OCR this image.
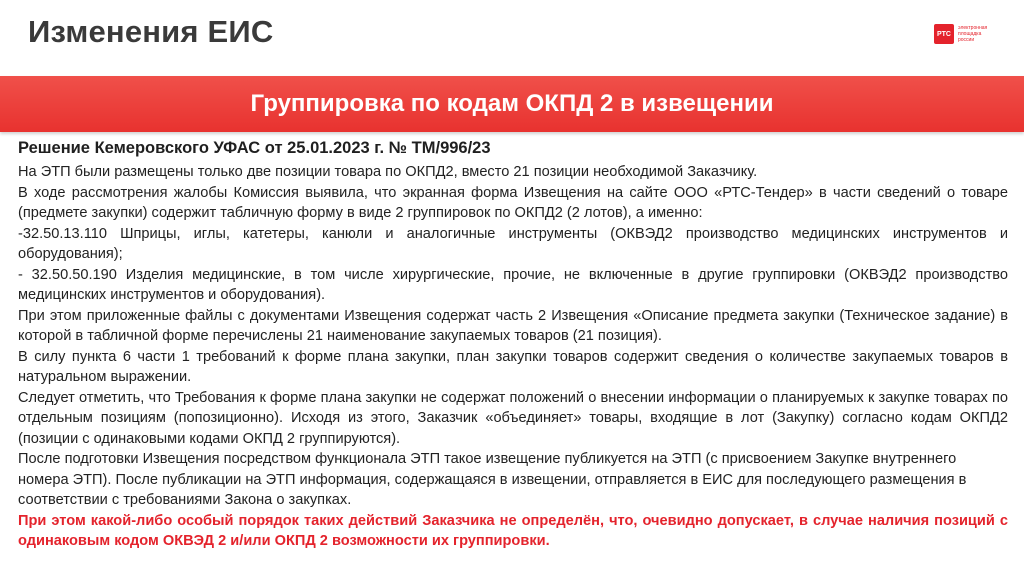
Изменения ЕИС	РТС
электронная
площадка
россии
Группировка по кодам ОКПД 2 в извещении

Решение Кемеровского УФАС от 25.01.2023 г. № ТМ/996/23

На ЭТП были размещены только две позиции товара по ОКПД2, вместо 21 позиции необходимой Заказчику.

В ходе рассмотрения жалобы Комиссия выявила, что экранная форма Извещения на сайте ООО «РТС-Тендер» в части сведений о товаре (предмете закупки) содержит табличную форму в виде 2 группировок по ОКПД2 (2 лотов), а именно:

-32.50.13.110 Шприцы, иглы, катетеры, канюли и аналогичные инструменты (ОКВЭД2 производство медицинских инструментов и оборудования);

- 32.50.50.190 Изделия медицинские, в том числе хирургические, прочие, не включенные в другие группировки (ОКВЭД2 производство медицинских инструментов и оборудования).

При этом приложенные файлы с документами Извещения содержат часть 2 Извещения «Описание предмета закупки (Техническое задание) в которой в табличной форме перечислены 21 наименование закупаемых товаров (21 позиция).

В силу пункта 6 части 1 требований к форме плана закупки, план закупки товаров содержит сведения о количестве закупаемых товаров в натуральном выражении.

Следует отметить, что Требования к форме плана закупки не содержат положений о внесении информации о планируемых к закупке товарах по отдельным позициям (попозиционно). Исходя из этого, Заказчик «объединяет» товары, входящие в лот (Закупку) согласно кодам ОКПД2 (позиции с одинаковыми кодами ОКПД 2 группируются).

После подготовки Извещения посредством функционала ЭТП такое извещение публикуется на ЭТП (с присвоением Закупке внутреннего номера ЭТП). После публикации на ЭТП информация, содержащаяся в извещении, отправляется в ЕИС для последующего размещения в соответствии с требованиями Закона о закупках.

При этом какой-либо особый порядок таких действий Заказчика не определён, что, очевидно допускает, в случае наличия позиций с одинаковым кодом ОКВЭД 2 и/или ОКПД 2 возможности их группировки.
